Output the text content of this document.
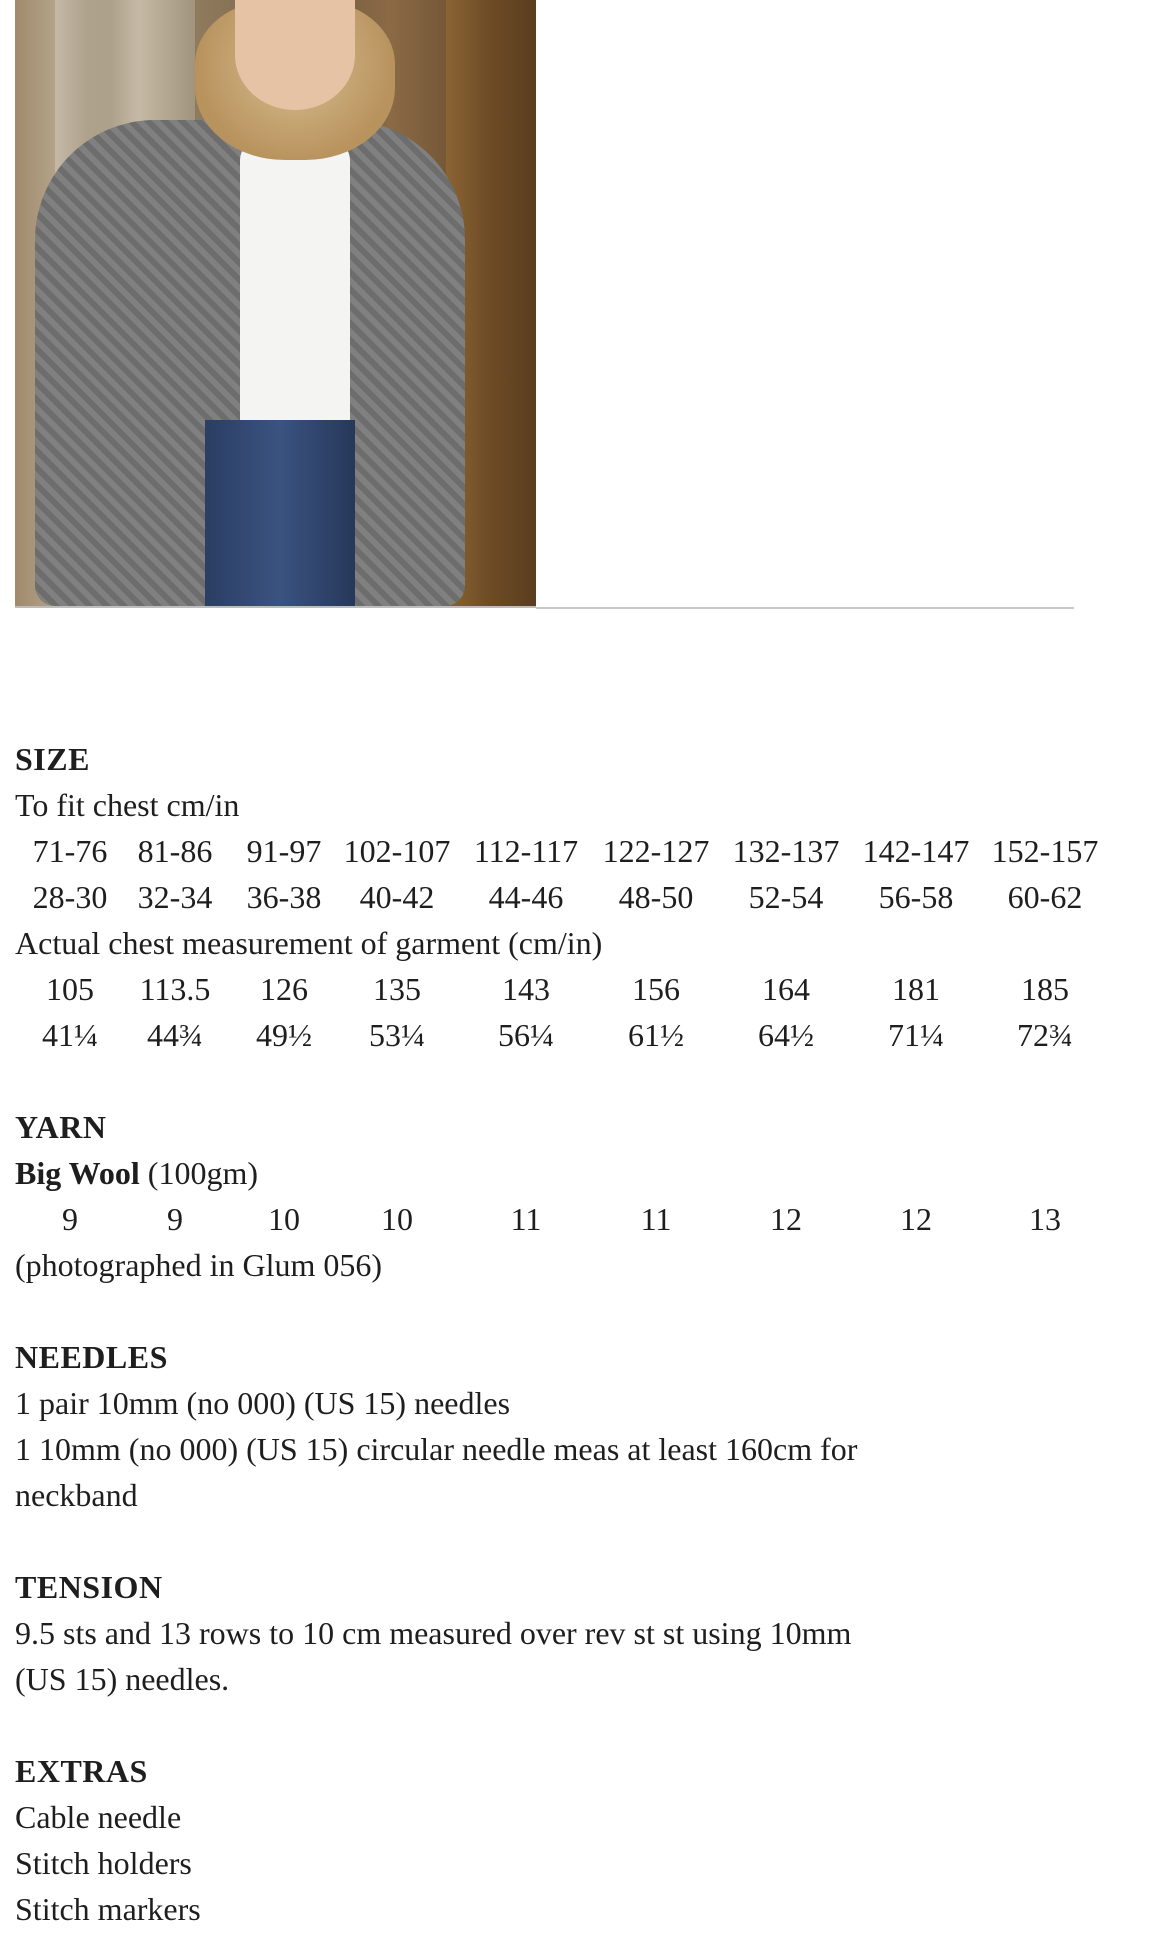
SIZE
To fit chest cm/in
71-76 81-86 91-97 102-107 112-117 122-127 132-137 142-147 152-157
28-30 32-34 36-38 40-42 44-46 48-50 52-54 56-58 60-62
Actual chest measurement of garment (cm/in)
105 113.5 126 135	143	156	164	181	185
41¼ 44¾ 49½ 53¼ 56¼ 61½ 64½ 71¼ 72¾
YARN
Big Wool (100gm)
9	9	10	10	11	11	12	12	13
(photographed in Glum 056)
NEEDLES
1 pair 10mm (no 000) (US 15) needles
1 10mm (no 000) (US 15) circular needle meas at least 160cm for
neckband
TENSION
9.5 sts and 13 rows to 10 cm measured over rev st st using 10mm
(US 15) needles.
EXTRAS
Cable needle
Stitch holders
Stitch markers
